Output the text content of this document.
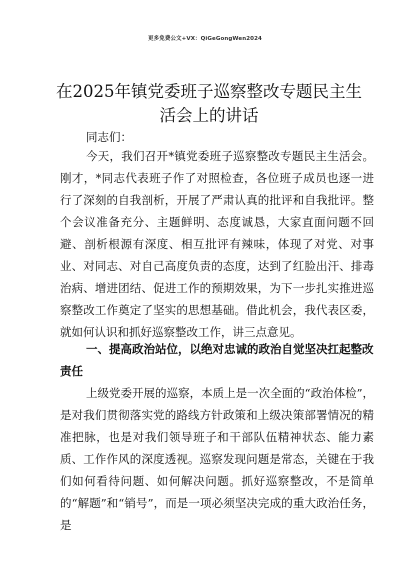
更多免费公文+VX：QiGeGongWen2024
在2025年镇党委班子巡察整改专题民主生活会上的讲话
同志们：
今天，我们召开*镇党委班子巡察整改专题民主生活会。刚才，*同志代表班子作了对照检查，各位班子成员也逐一进行了深刻的自我剖析，开展了严肃认真的批评和自我批评。整个会议准备充分、主题鲜明、态度诚恳，大家直面问题不回避、剖析根源有深度、相互批评有辣味，体现了对党、对事业、对同志、对自己高度负责的态度，达到了红脸出汗、排毒治病、增进团结、促进工作的预期效果，为下一步扎实推进巡察整改工作奠定了坚实的思想基础。借此机会，我代表区委，就如何认识和抓好巡察整改工作，讲三点意见。
一、提高政治站位，以绝对忠诚的政治自觉坚决扛起整改责任
上级党委开展的巡察，本质上是一次全面的“政治体检”，是对我们贯彻落实党的路线方针政策和上级决策部署情况的精准把脉，也是对我们领导班子和干部队伍精神状态、能力素质、工作作风的深度透视。巡察发现问题是常态，关键在于我们如何看待问题、如何解决问题。抓好巡察整改，不是简单的“解题”和“销号”，而是一项必须坚决完成的重大政治任务，是
